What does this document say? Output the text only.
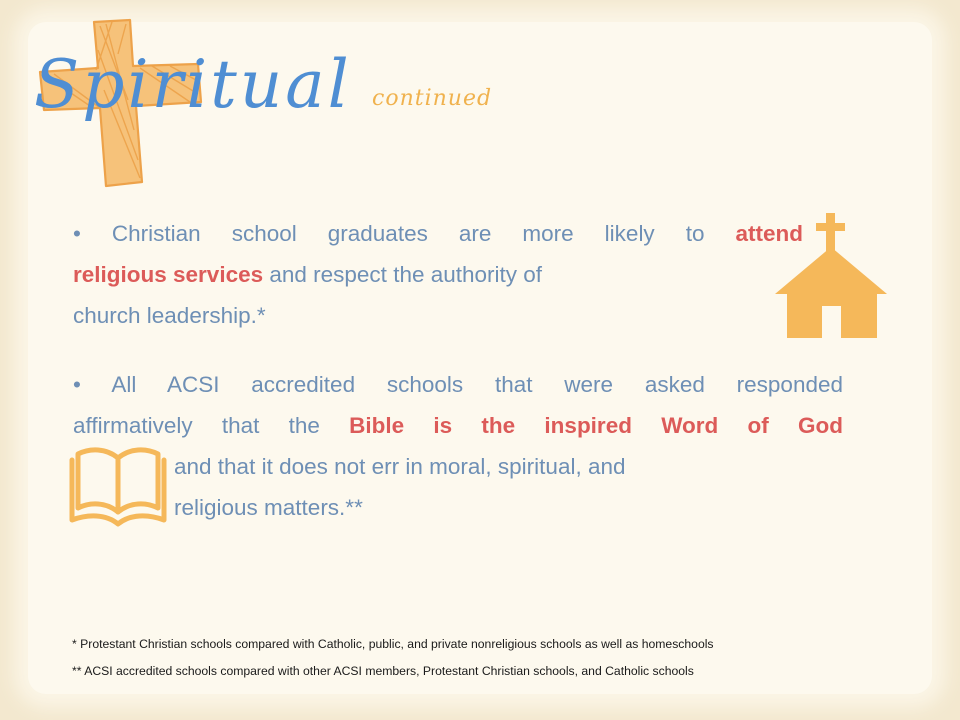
Spiritual continued
• Christian school graduates are more likely to attend
religious services and respect the authority of
church leadership.*
• All ACSI accredited schools that were asked responded
affirmatively that the Bible is the inspired Word of God
and that it does not err in moral, spiritual, and
religious matters.**
* Protestant Christian schools compared with Catholic, public, and private nonreligious schools as well as homeschools
** ACSI accredited schools compared with other ACSI members, Protestant Christian schools, and Catholic schools
